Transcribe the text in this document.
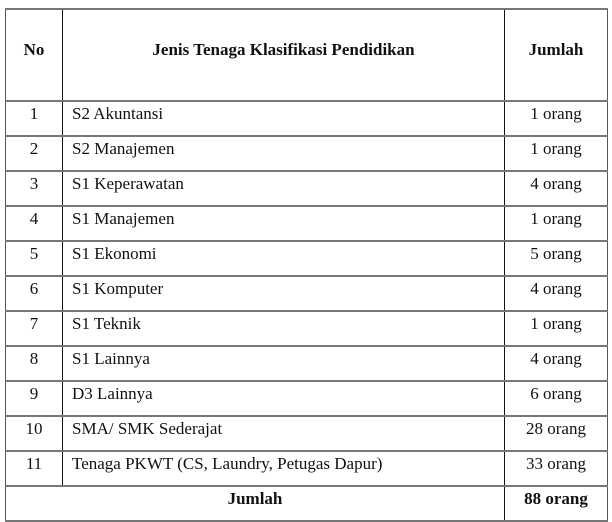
No	Jenis Tenaga Klasifikasi Pendidikan	Jumlah
1	S2 Akuntansi	1 orang
2	S2 Manajemen	1 orang
3	S1 Keperawatan	4 orang
4	S1 Manajemen	1 orang
5	S1 Ekonomi	5 orang
6	S1 Komputer	4 orang
7	S1 Teknik	1 orang
8	S1 Lainnya	4 orang
9	D3 Lainnya	6 orang
10	SMA/ SMK Sederajat	28 orang
11	Tenaga PKWT (CS, Laundry, Petugas Dapur)	33 orang
Jumlah		88 orang
